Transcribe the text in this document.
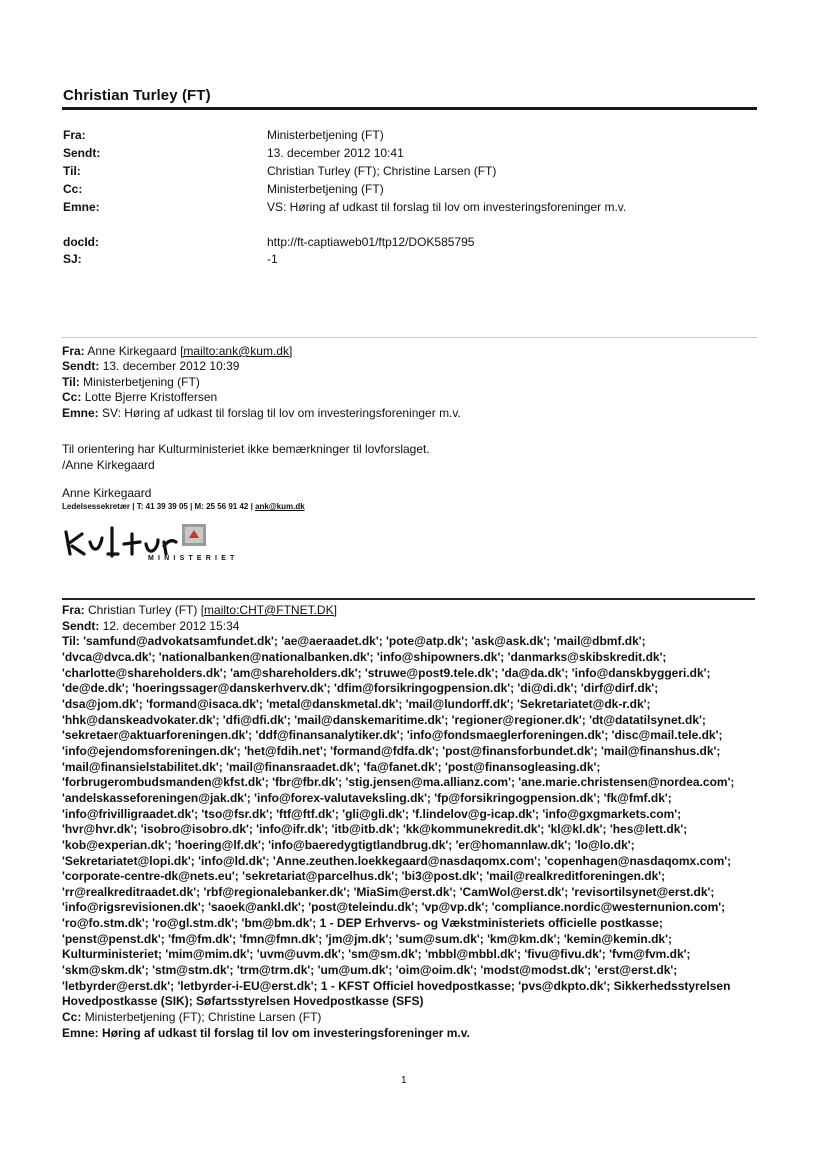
Christian Turley (FT)
Fra:	Ministerbetjening (FT)
Sendt:	13. december 2012 10:41
Til:	Christian Turley (FT); Christine Larsen (FT)
Cc:	Ministerbetjening (FT)
Emne:	VS: Høring af udkast til forslag til lov om investeringsforeninger m.v.
docId:	http://ft-captiaweb01/ftp12/DOK585795
SJ:	-1
Fra: Anne Kirkegaard [mailto:ank@kum.dk]
Sendt: 13. december 2012 10:39
Til: Ministerbetjening (FT)
Cc: Lotte Bjerre Kristoffersen
Emne: SV: Høring af udkast til forslag til lov om investeringsforeninger m.v.
Til orientering har Kulturministeriet ikke bemærkninger til lovforslaget.
/Anne Kirkegaard
Anne Kirkegaard
Ledelsessekretær | T: 41 39 39 05 | M: 25 56 91 42 | ank@kum.dk
MINISTERIET
Fra: Christian Turley (FT) [mailto:CHT@FTNET.DK]
Sendt: 12. december 2012 15:34
Til: 'samfund@advokatsamfundet.dk'; 'ae@aeraadet.dk'; 'pote@atp.dk'; 'ask@ask.dk'; 'mail@dbmf.dk';
'dvca@dvca.dk'; 'nationalbanken@nationalbanken.dk'; 'info@shipowners.dk'; 'danmarks@skibskredit.dk';
'charlotte@shareholders.dk'; 'am@shareholders.dk'; 'struwe@post9.tele.dk'; 'da@da.dk'; 'info@danskbyggeri.dk';
'de@de.dk'; 'hoeringssager@danskerhverv.dk'; 'dfim@forsikringogpension.dk'; 'di@di.dk'; 'dirf@dirf.dk';
'dsa@jom.dk'; 'formand@isaca.dk'; 'metal@danskmetal.dk'; 'mail@lundorff.dk'; 'Sekretariatet@dk-r.dk';
'hhk@danskeadvokater.dk'; 'dfi@dfi.dk'; 'mail@danskemaritime.dk'; 'regioner@regioner.dk'; 'dt@datatilsynet.dk';
'sekretaer@aktuarforeningen.dk'; 'ddf@finansanalytiker.dk'; 'info@fondsmaeglerforeningen.dk'; 'disc@mail.tele.dk';
'info@ejendomsforeningen.dk'; 'het@fdih.net'; 'formand@fdfa.dk'; 'post@finansforbundet.dk'; 'mail@finanshus.dk';
'mail@finansielstabilitet.dk'; 'mail@finansraadet.dk'; 'fa@fanet.dk'; 'post@finansogleasing.dk';
'forbrugerombudsmanden@kfst.dk'; 'fbr@fbr.dk'; 'stig.jensen@ma.allianz.com'; 'ane.marie.christensen@nordea.com';
'andelskasseforeningen@jak.dk'; 'info@forex-valutaveksling.dk'; 'fp@forsikringogpension.dk'; 'fk@fmf.dk';
'info@frivilligraadet.dk'; 'tso@fsr.dk'; 'ftf@ftf.dk'; 'gli@gli.dk'; 'f.lindelov@g-icap.dk'; 'info@gxgmarkets.com';
'hvr@hvr.dk'; 'isobro@isobro.dk'; 'info@ifr.dk'; 'itb@itb.dk'; 'kk@kommunekredit.dk'; 'kl@kl.dk'; 'hes@lett.dk';
'kob@experian.dk'; 'hoering@lf.dk'; 'info@baeredygtigtlandbrug.dk'; 'er@homannlaw.dk'; 'lo@lo.dk';
'Sekretariatet@lopi.dk'; 'info@ld.dk'; 'Anne.zeuthen.loekkegaard@nasdaqomx.com'; 'copenhagen@nasdaqomx.com';
'corporate-centre-dk@nets.eu'; 'sekretariat@parcelhus.dk'; 'bi3@post.dk'; 'mail@realkreditforeningen.dk';
'rr@realkreditraadet.dk'; 'rbf@regionalebanker.dk'; 'MiaSim@erst.dk'; 'CamWol@erst.dk'; 'revisortilsynet@erst.dk';
'info@rigsrevisionen.dk'; 'saoek@ankl.dk'; 'post@teleindu.dk'; 'vp@vp.dk'; 'compliance.nordic@westernunion.com';
'ro@fo.stm.dk'; 'ro@gl.stm.dk'; 'bm@bm.dk'; 1 - DEP Erhvervs- og Vækstministeriets officielle postkasse;
'penst@penst.dk'; 'fm@fm.dk'; 'fmn@fmn.dk'; 'jm@jm.dk'; 'sum@sum.dk'; 'km@km.dk'; 'kemin@kemin.dk';
Kulturministeriet; 'mim@mim.dk'; 'uvm@uvm.dk'; 'sm@sm.dk'; 'mbbl@mbbl.dk'; 'fivu@fivu.dk'; 'fvm@fvm.dk';
'skm@skm.dk'; 'stm@stm.dk'; 'trm@trm.dk'; 'um@um.dk'; 'oim@oim.dk'; 'modst@modst.dk'; 'erst@erst.dk';
'letbyrder@erst.dk'; 'letbyrder-i-EU@erst.dk'; 1 - KFST Officiel hovedpostkasse; 'pvs@dkpto.dk'; Sikkerhedsstyrelsen
Hovedpostkasse (SIK); Søfartsstyrelsen Hovedpostkasse (SFS)
Cc: Ministerbetjening (FT); Christine Larsen (FT)
Emne: Høring af udkast til forslag til lov om investeringsforeninger m.v.
1
